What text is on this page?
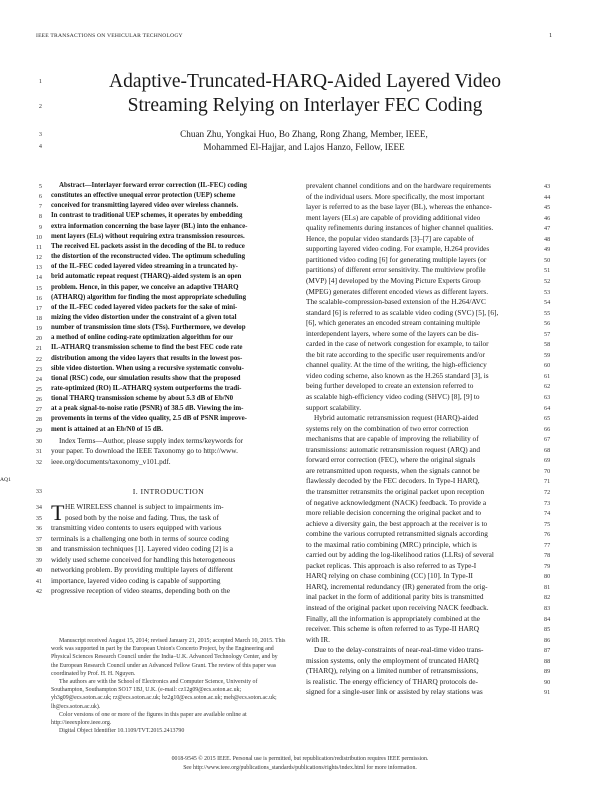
IEEE TRANSACTIONS ON VEHICULAR TECHNOLOGY	1
1
2
Adaptive-Truncated-HARQ-Aided Layered Video
Streaming Relying on Interlayer FEC Coding
3
4
Chuan Zhu, Yongkai Huo, Bo Zhang, Rong Zhang, Member, IEEE,
Mohammed El-Hajjar, and Lajos Hanzo, Fellow, IEEE
5
6
7
8
9
10
11
12
13
14
15
16
17
18
19
20
21
22
23
24
25
26
27
28
29
Abstract—Interlayer forward error correction (IL-FEC) coding
constitutes an effective unequal error protection (UEP) scheme
conceived for transmitting layered video over wireless channels.
In contrast to traditional UEP schemes, it operates by embedding
extra information concerning the base layer (BL) into the enhance-
ment layers (ELs) without requiring extra transmission resources.
The received EL packets assist in the decoding of the BL to reduce
the distortion of the reconstructed video. The optimum scheduling
of the IL-FEC coded layered video streaming in a truncated hy-
brid automatic repeat request (THARQ)-aided system is an open
problem. Hence, in this paper, we conceive an adaptive THARQ
(ATHARQ) algorithm for finding the most appropriate scheduling
of the IL-FEC coded layered video packets for the sake of mini-
mizing the video distortion under the constraint of a given total
number of transmission time slots (TSs). Furthermore, we develop
a method of online coding-rate optimization algorithm for our
IL-ATHARQ transmission scheme to find the best FEC code rate
distribution among the video layers that results in the lowest pos-
sible video distortion. When using a recursive systematic convolu-
tional (RSC) code, our simulation results show that the proposed
rate-optimized (RO) IL-ATHARQ system outperforms the tradi-
tional THARQ transmission scheme by about 5.3 dB of Eb/N0
at a peak signal-to-noise ratio (PSNR) of 38.5 dB. Viewing the im-
provements in terms of the video quality, 2.5 dB of PSNR improve-
ment is attained at an Eb/N0 of 15 dB.
30
31
32
Index Terms—Author, please supply index terms/keywords for
your paper. To download the IEEE Taxonomy go to http://www.
ieee.org/documents/taxonomy_v101.pdf.
AQ1
33	I. INTRODUCTION
T
34
35
36
37
38
39
40
41
42
HE WIRELESS channel is subject to impairments im-
posed both by the noise and fading. Thus, the task of
transmitting video contents to users equipped with various
terminals is a challenging one both in terms of source coding
and transmission techniques [1]. Layered video coding [2] is a
widely used scheme conceived for handling this heterogeneous
networking problem. By providing multiple layers of different
importance, layered video coding is capable of supporting
progressive reception of video steams, depending both on the

Manuscript received August 15, 2014; revised January 21, 2015; accepted March 10, 2015. This work was supported in part by the European Union's Concerto Project, by the Engineering and Physical Sciences Research Council under the India–U.K. Advanced Technology Center, and by the European Research Council under an Advanced Fellow Grant. The review of this paper was coordinated by Prof. H. H. Nguyen.

The authors are with the School of Electronics and Computer Science, University of Southampton, Southampton SO17 1BJ, U.K. (e-mail: cz12g09@ecs.soton.ac.uk; yh3g09@ecs.soton.ac.uk; rz@ecs.soton.ac.uk; bz2g10@ecs.soton.ac.uk; meh@ecs.soton.ac.uk; lh@ecs.soton.ac.uk).

Color versions of one or more of the figures in this paper are available online at http://ieeexplore.ieee.org.

Digital Object Identifier 10.1109/TVT.2015.2413790

43
44
45
46
47
48
49
50
51
52
53
54
55
56
57
58
59
60
61
62
63
64
65
66
67
68
69
70
71
72
73
74
75
76
77
78
79
80
81
82
83
84
85
86
87
88
89
90
91
prevalent channel conditions and on the hardware requirements
of the individual users. More specifically, the most important
layer is referred to as the base layer (BL), whereas the enhance-
ment layers (ELs) are capable of providing additional video
quality refinements during instances of higher channel qualities.
Hence, the popular video standards [3]–[7] are capable of
supporting layered video coding. For example, H.264 provides
partitioned video coding [6] for generating multiple layers (or
partitions) of different error sensitivity. The multiview profile
(MVP) [4] developed by the Moving Picture Experts Group
(MPEG) generates different encoded views as different layers.
The scalable-compression-based extension of the H.264/AVC
standard [6] is referred to as scalable video coding (SVC) [5], [6],
[6], which generates an encoded stream containing multiple
interdependent layers, where some of the layers can be dis-
carded in the case of network congestion for example, to tailor
the bit rate according to the specific user requirements and/or
channel quality. At the time of the writing, the high-efficiency
video coding scheme, also known as the H.265 standard [3], is
being further developed to create an extension referred to
as scalable high-efficiency video coding (SHVC) [8], [9] to
support scalability.
Hybrid automatic retransmission request (HARQ)-aided
systems rely on the combination of two error correction
mechanisms that are capable of improving the reliability of
transmissions: automatic retransmission request (ARQ) and
forward error correction (FEC), where the original signals
are retransmitted upon requests, when the signals cannot be
flawlessly decoded by the FEC decoders. In Type-I HARQ,
the transmitter retransmits the original packet upon reception
of negative acknowledgment (NACK) feedback. To provide a
more reliable decision concerning the original packet and to
achieve a diversity gain, the best approach at the receiver is to
combine the various corrupted retransmitted signals according
to the maximal ratio combining (MRC) principle, which is
carried out by adding the log-likelihood ratios (LLRs) of several
packet replicas. This approach is also referred to as Type-I
HARQ relying on chase combining (CC) [10]. In Type-II
HARQ, incremental redundancy (IR) generated from the orig-
inal packet in the form of additional parity bits is transmitted
instead of the original packet upon receiving NACK feedback.
Finally, all the information is appropriately combined at the
receiver. This scheme is often referred to as Type-II HARQ
with IR.
Due to the delay-constraints of near-real-time video trans-
mission systems, only the employment of truncated HARQ
(THARQ), relying on a limited number of retransmissions,
is realistic. The energy efficiency of THARQ protocols de-
signed for a single-user link or assisted by relay stations was
0018-9545 © 2015 IEEE. Personal use is permitted, but republication/redistribution requires IEEE permission.
See http://www.ieee.org/publications_standards/publications/rights/index.html for more information.
